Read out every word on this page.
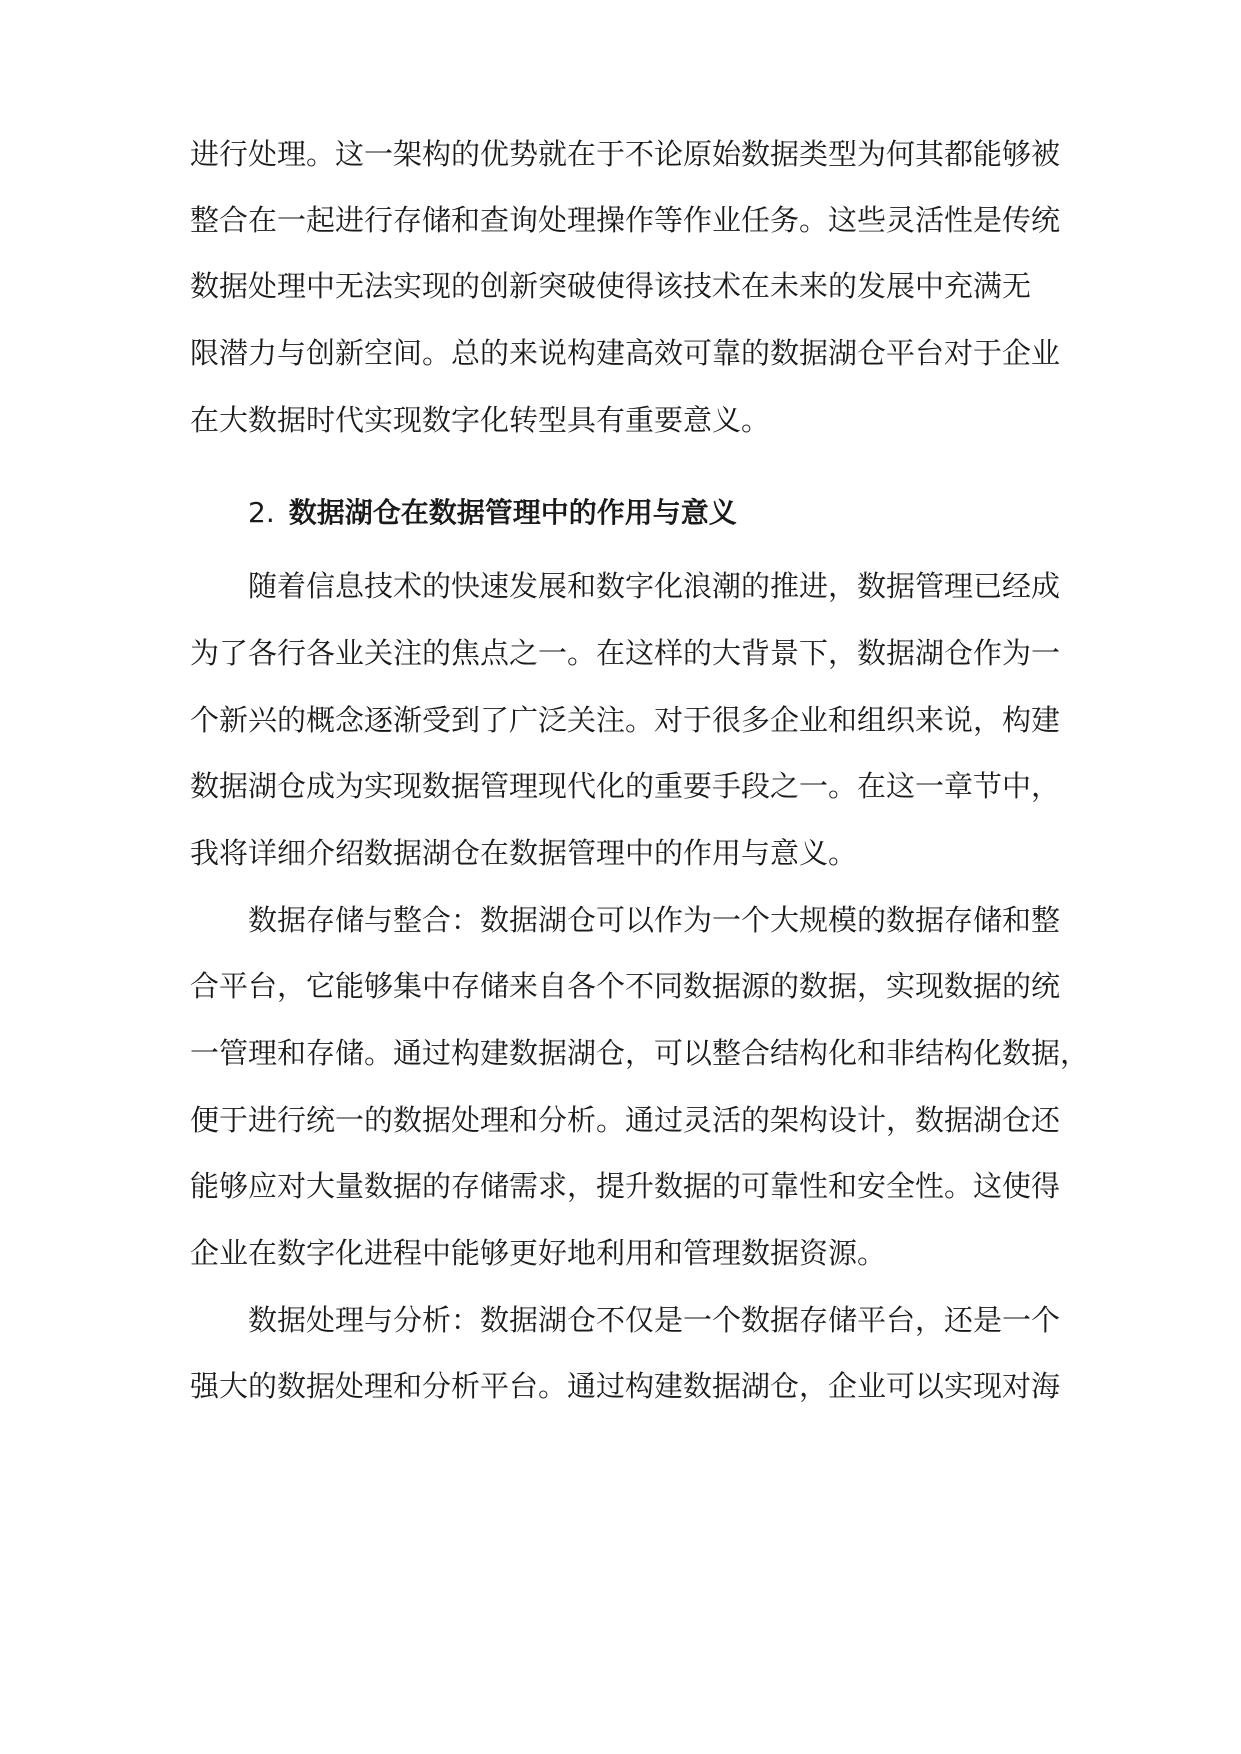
进行处理。这一架构的优势就在于不论原始数据类型为何其都能够被
整合在一起进行存储和查询处理操作等作业任务。这些灵活性是传统
数据处理中无法实现的创新突破使得该技术在未来的发展中充满无
限潜力与创新空间。总的来说构建高效可靠的数据湖仓平台对于企业
在大数据时代实现数字化转型具有重要意义。
2. 数据湖仓在数据管理中的作用与意义
随着信息技术的快速发展和数字化浪潮的推进，数据管理已经成
为了各行各业关注的焦点之一。在这样的大背景下，数据湖仓作为一
个新兴的概念逐渐受到了广泛关注。对于很多企业和组织来说，构建
数据湖仓成为实现数据管理现代化的重要手段之一。在这一章节中，
我将详细介绍数据湖仓在数据管理中的作用与意义。
数据存储与整合：数据湖仓可以作为一个大规模的数据存储和整
合平台，它能够集中存储来自各个不同数据源的数据，实现数据的统
一管理和存储。通过构建数据湖仓，可以整合结构化和非结构化数据，
便于进行统一的数据处理和分析。通过灵活的架构设计，数据湖仓还
能够应对大量数据的存储需求，提升数据的可靠性和安全性。这使得
企业在数字化进程中能够更好地利用和管理数据资源。
数据处理与分析：数据湖仓不仅是一个数据存储平台，还是一个
强大的数据处理和分析平台。通过构建数据湖仓，企业可以实现对海
